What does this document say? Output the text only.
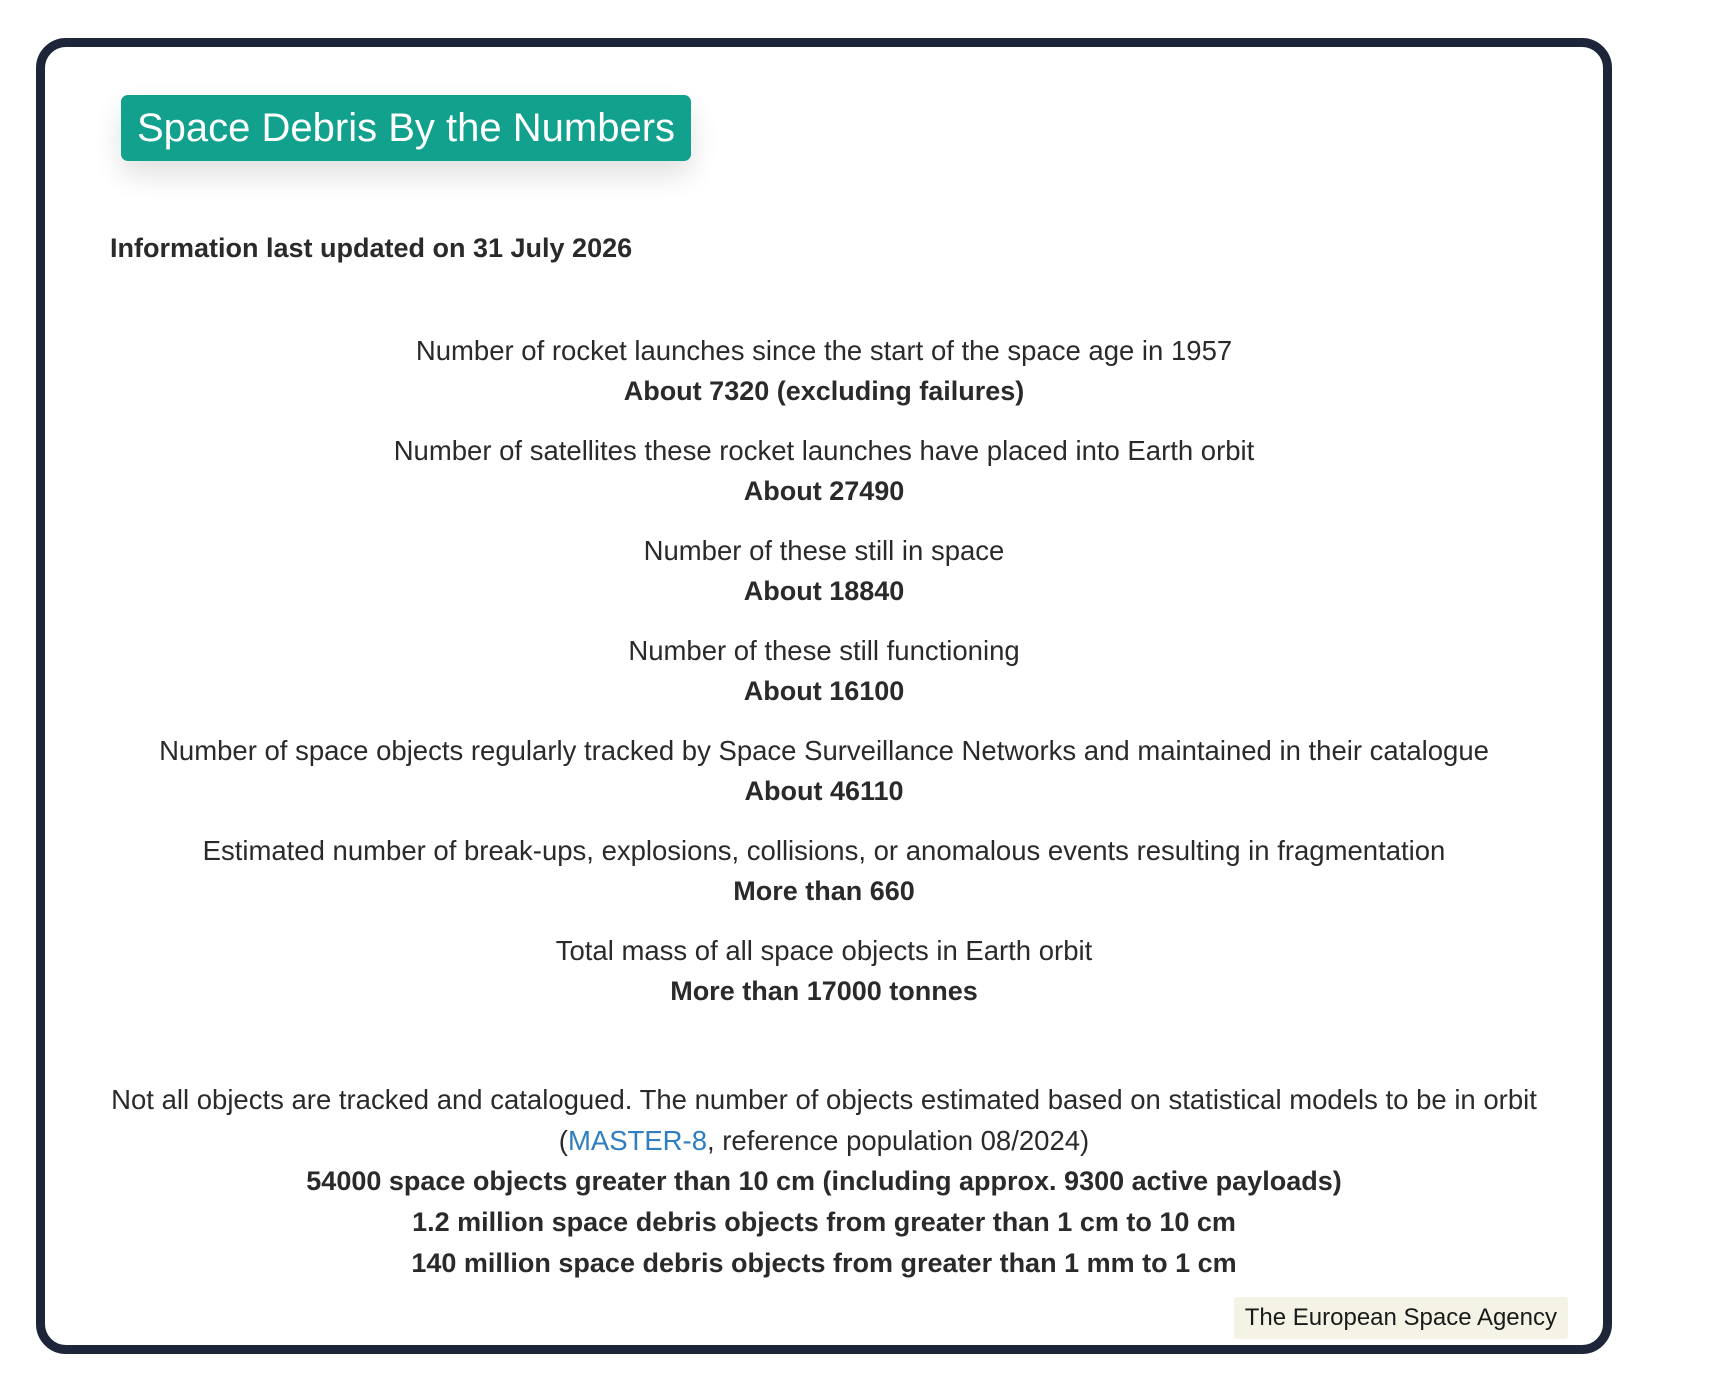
Space Debris By the Numbers
Information last updated on 31 July 2026
Number of rocket launches since the start of the space age in 1957
About 7320 (excluding failures)
Number of satellites these rocket launches have placed into Earth orbit
About 27490
Number of these still in space
About 18840
Number of these still functioning
About 16100
Number of space objects regularly tracked by Space Surveillance Networks and maintained in their catalogue
About 46110
Estimated number of break-ups, explosions, collisions, or anomalous events resulting in fragmentation
More than 660
Total mass of all space objects in Earth orbit
More than 17000 tonnes
Not all objects are tracked and catalogued. The number of objects estimated based on statistical models to be in orbit
(MASTER-8, reference population 08/2024)
54000 space objects greater than 10 cm (including approx. 9300 active payloads)
1.2 million space debris objects from greater than 1 cm to 10 cm
140 million space debris objects from greater than 1 mm to 1 cm
The European Space Agency
